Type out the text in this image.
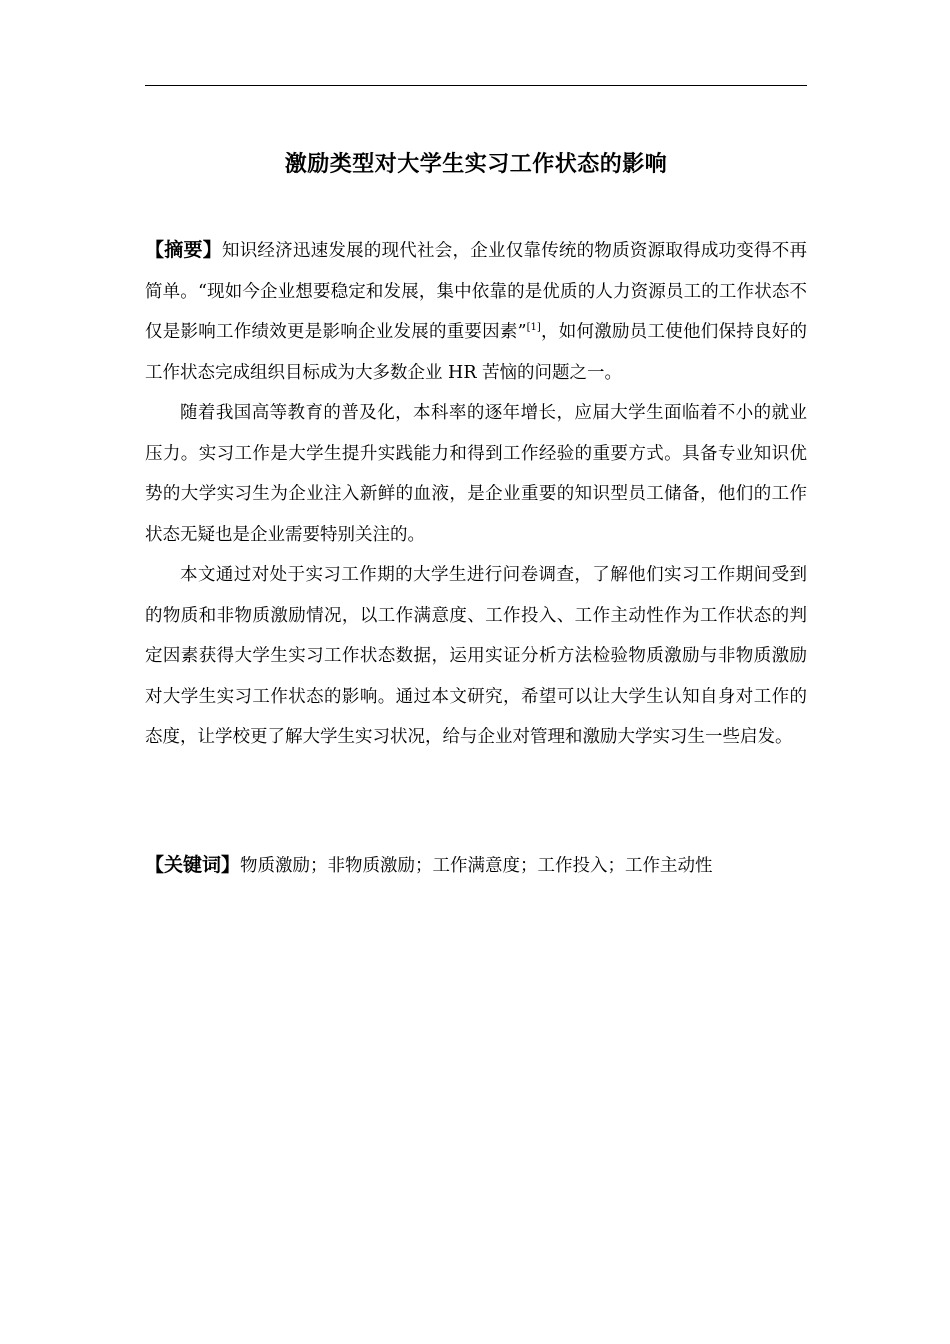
激励类型对大学生实习工作状态的影响

【摘要】知识经济迅速发展的现代社会，企业仅靠传统的物质资源取得成功变得不再简单。“现如今企业想要稳定和发展，集中依靠的是优质的人力资源员工的工作状态不仅是影响工作绩效更是影响企业发展的重要因素”[1]，如何激励员工使他们保持良好的工作状态完成组织目标成为大多数企业 HR 苦恼的问题之一。

随着我国高等教育的普及化，本科率的逐年增长，应届大学生面临着不小的就业压力。实习工作是大学生提升实践能力和得到工作经验的重要方式。具备专业知识优势的大学实习生为企业注入新鲜的血液，是企业重要的知识型员工储备，他们的工作状态无疑也是企业需要特别关注的。

本文通过对处于实习工作期的大学生进行问卷调查，了解他们实习工作期间受到的物质和非物质激励情况，以工作满意度、工作投入、工作主动性作为工作状态的判定因素获得大学生实习工作状态数据，运用实证分析方法检验物质激励与非物质激励对大学生实习工作状态的影响。通过本文研究，希望可以让大学生认知自身对工作的态度，让学校更了解大学生实习状况，给与企业对管理和激励大学实习生一些启发。

【关键词】物质激励；非物质激励；工作满意度；工作投入；工作主动性
